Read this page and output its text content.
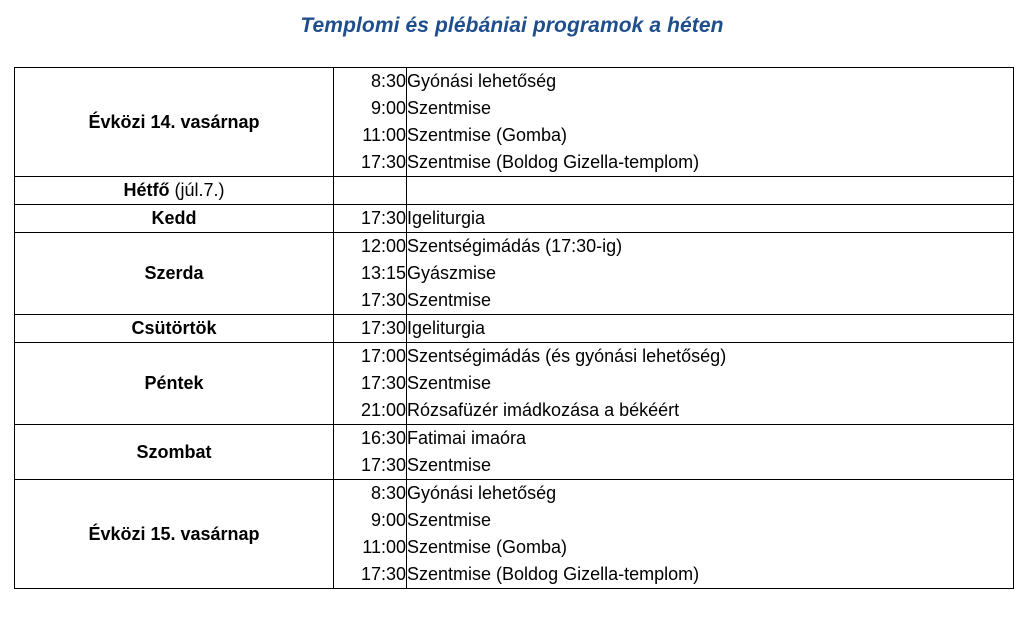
Templomi és plébániai programok a héten
Évközi 14. vasárnap	8:30	Gyónási lehetőség
	9:00	Szentmise
	11:00	Szentmise (Gomba)
	17:30	Szentmise (Boldog Gizella-templom)
Hétfő (júl.7.)		
Kedd	17:30	Igeliturgia
Szerda	12:00	Szentségimádás (17:30-ig)
	13:15	Gyászmise
	17:30	Szentmise
Csütörtök	17:30	Igeliturgia
Péntek	17:00	Szentségimádás (és gyónási lehetőség)
	17:30	Szentmise
	21:00	Rózsafüzér imádkozása a békéért
Szombat	16:30	Fatimai imaóra
	17:30	Szentmise
Évközi 15. vasárnap	8:30	Gyónási lehetőség
	9:00	Szentmise
	11:00	Szentmise (Gomba)
	17:30	Szentmise (Boldog Gizella-templom)
